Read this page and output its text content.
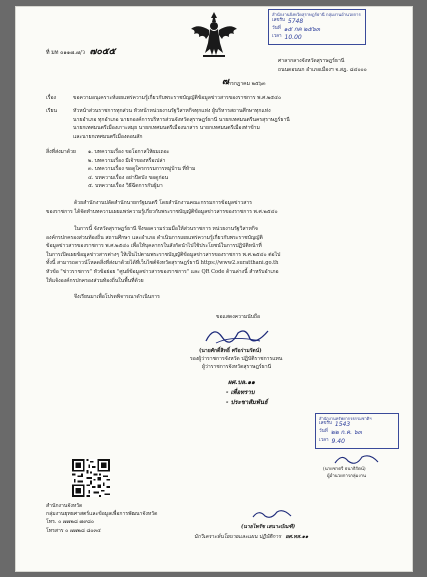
สำนักงานจังหวัดสุราษฎร์ธานี กลุ่มงานอำนวยการ
เลขรับ 5748
วันที่ ๑๕ กค ๒๕๖๓
เวลา 10.00
ที่ มท ๐๑๑๗.๗/ว ๗๐๕๕
ศาลากลางจังหวัดสุราษฎร์ธานี
ถนนดอนนก อำเภอเมืองฯ จ.สฎ. ๘๔๐๐๐
๗ กรกฎาคม ๒๕๖๓
เรื่อง	ขอความอนุเคราะห์เผยแพร่ความรู้เกี่ยวกับพระราชบัญญัติข้อมูลข่าวสารของราชการ พ.ศ.๒๕๔๐
เรียน	หัวหน้าส่วนราชการทุกส่วน หัวหน้าหน่วยงานรัฐวิสาหกิจทุกแห่ง ผู้บริหารสถานศึกษาทุกแห่ง
นายอำเภอ ทุกอำเภอ นายกองค์การบริหารส่วนจังหวัดสุราษฎร์ธานี นายกเทศมนตรีนครสุราษฎร์ธานี
นายกเทศมนตรีเมืองเกาะสมุย นายกเทศมนตรีเมืองนาสาร นายกเทศมนตรีเมืองท่าข้าม
และนายกเทศมนตรีเมืองดอนสัก
สิ่งที่ส่งมาด้วย ๑. บทความเรื่อง ขอโอกาสให้ผมเถอะ
๒. บทความเรื่อง มีเจ้าของหรือเปล่า
๓. บทความเรื่อง ขอดูใครกรรมการหมู่บ้าน ที่ห้าม
๔. บทความเรื่อง อย่าปิดบัง ขอดูก่อน
๕. บทความเรื่อง วิธีฉีดการกับผู้มา
ด้วยสำนักงานปลัดสำนักนายกรัฐมนตรี โดยสำนักงานคณะกรรมการข้อมูลข่าวสาร
ของราชการ ได้จัดทำบทความเผยแพร่ความรู้เกี่ยวกับพระราชบัญญัติข้อมูลข่าวสารของราชการ พ.ศ.๒๕๔๐
ในการนี้ จังหวัดสุราษฎร์ธานี จึงขอความร่วมมือให้ส่วนราชการ หน่วยงานรัฐวิสาหกิจ
องค์กรปกครองส่วนท้องถิ่น สถานศึกษา และอำเภอ ดำเนินการเผยแพร่ความรู้เกี่ยวกับพระราชบัญญัติ
ข้อมูลข่าวสารของราชการ พ.ศ.๒๕๔๐ เพื่อให้บุคลากรในสังกัดนำไปใช้ประโยชน์ในการปฏิบัติหน้าที่
ในการเปิดเผยข้อมูลข่าวสารต่างๆ ให้เป็นไปตามพระราชบัญญัติข้อมูลข่าวสารของราชการ พ.ศ.๒๕๔๐ ต่อไป
ทั้งนี้ สามารถดาวน์โหลดสิ่งที่ส่งมาด้วยได้ที่เว็บไซต์จังหวัดสุราษฎร์ธานี https://www2.suratthani.go.th
หัวข้อ "ข่าวราชการ" หัวข้อย่อย "ศูนย์ข้อมูลข่าวสารของราชการ" และ QR Code ด้านล่างนี้ สำหรับอำเภอ
ให้แจ้งองค์กรปกครองส่วนท้องถิ่นในพื้นที่ด้วย
จึงเรียนมาเพื่อโปรดพิจารณาดำเนินการ
ขอแสดงความนับถือ
(นายศักดิ์สิทธิ์ ศรีอร่ามรัตน์)
รองผู้ว่าราชการจังหวัด ปฏิบัติราชการแทน
ผู้ว่าราชการจังหวัดสุราษฎร์ธานี
ผศ.บล.๑๑
- เพื่อทราบ
- ประชาสัมพันธ์
สำนักงานทรัพยากรธรรมชาติฯ
เลขรับ 1543
วันที่ ๒๒ ก.ค. ๖๓
เวลา 9.40
(นายชาตรี ธนาธิรัตน์)
ผู้อำนวยการกลุ่มงาน
สำนักงานจังหวัด
กลุ่มงานยุทธศาสตร์และข้อมูลเพื่อการพัฒนาจังหวัด
โทร. ๐ ๗๗๒๘ ๗๙๘๐
โทรสาร ๐ ๗๗๒๘ ๘๐๓๔
(นายไพรัช เสนาะบัณฑิ)
นักวิเคราะห์นโยบายและแผน ปฏิบัติการ ผศ.ทส.๑๑
